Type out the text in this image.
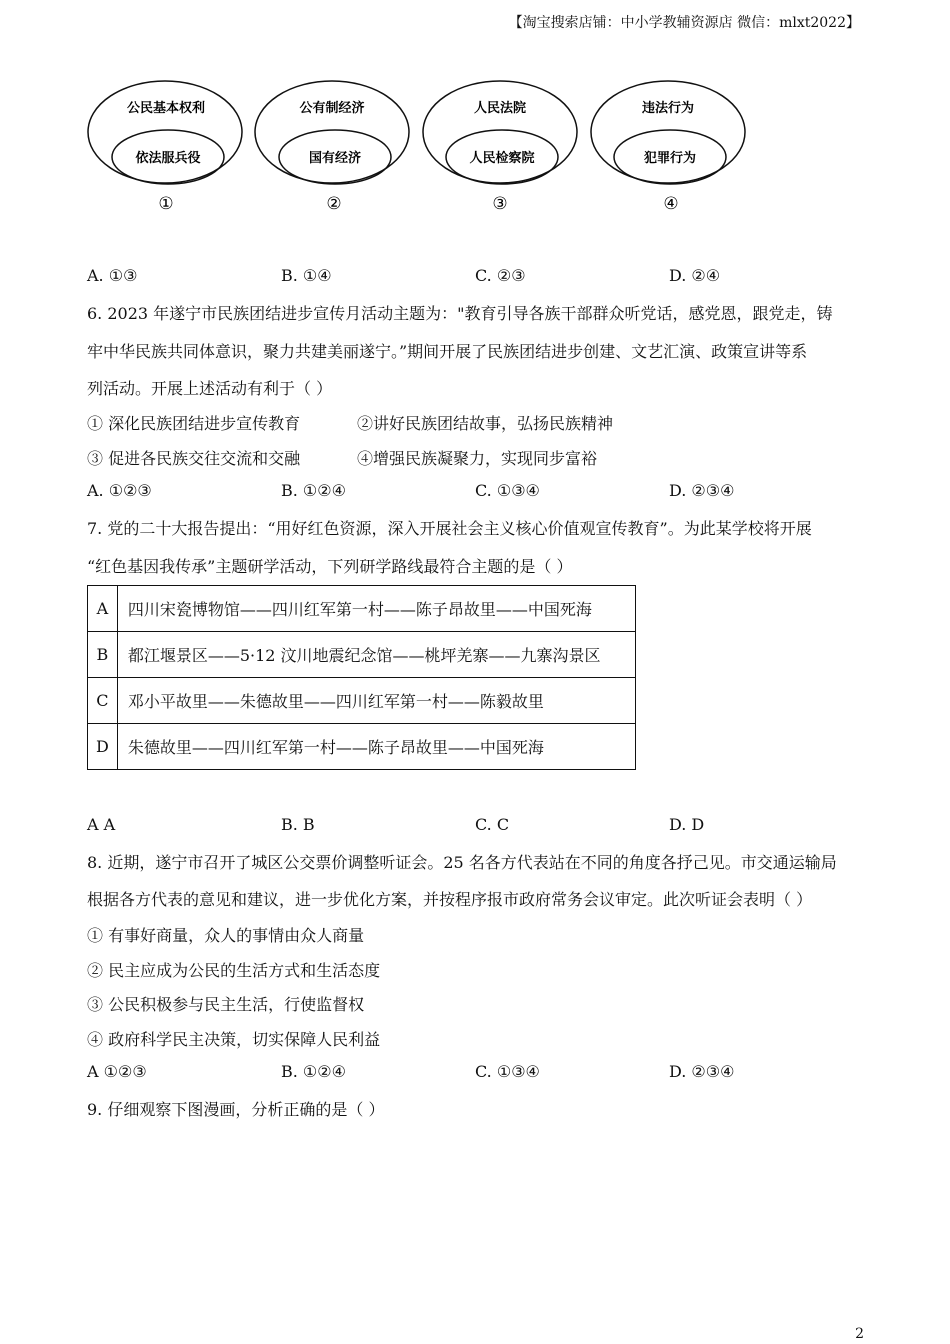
【淘宝搜索店铺：中小学教辅资源店 微信：mlxt2022】
公民基本权利
依法服兵役
①
公有制经济
国有经济
②
人民法院
人民检察院
③
违法行为
犯罪行为
④
A. ①③	B. ①④	C. ②③	D. ②④
6. 2023 年遂宁市民族团结进步宣传月活动主题为："教育引导各族干部群众听党话，感党恩，跟党走，铸
牢中华民族共同体意识，聚力共建美丽遂宁。”期间开展了民族团结进步创建、文艺汇演、政策宣讲等系
列活动。开展上述活动有利于（ ）
① 深化民族团结进步宣传教育	②讲好民族团结故事，弘扬民族精神
③ 促进各民族交往交流和交融	④增强民族凝聚力，实现同步富裕
A. ①②③	B. ①②④	C. ①③④	D. ②③④
7. 党的二十大报告提出：“用好红色资源，深入开展社会主义核心价值观宣传教育”。为此某学校将开展
“红色基因我传承”主题研学活动，下列研学路线最符合主题的是（ ）
A	四川宋瓷博物馆——四川红军第一村——陈子昂故里——中国死海
B	都江堰景区——5·12 汶川地震纪念馆——桃坪羌寨——九寨沟景区
C	邓小平故里——朱德故里——四川红军第一村——陈毅故里
D	朱德故里——四川红军第一村——陈子昂故里——中国死海
A A	B. B	C. C	D. D
8. 近期，遂宁市召开了城区公交票价调整听证会。25 名各方代表站在不同的角度各抒己见。市交通运输局
根据各方代表的意见和建议，进一步优化方案，并按程序报市政府常务会议审定。此次听证会表明（ ）
① 有事好商量，众人的事情由众人商量
② 民主应成为公民的生活方式和生活态度
③ 公民积极参与民主生活，行使监督权
④ 政府科学民主决策，切实保障人民利益
A ①②③	B. ①②④	C. ①③④	D. ②③④
9. 仔细观察下图漫画，分析正确的是（ ）
2
